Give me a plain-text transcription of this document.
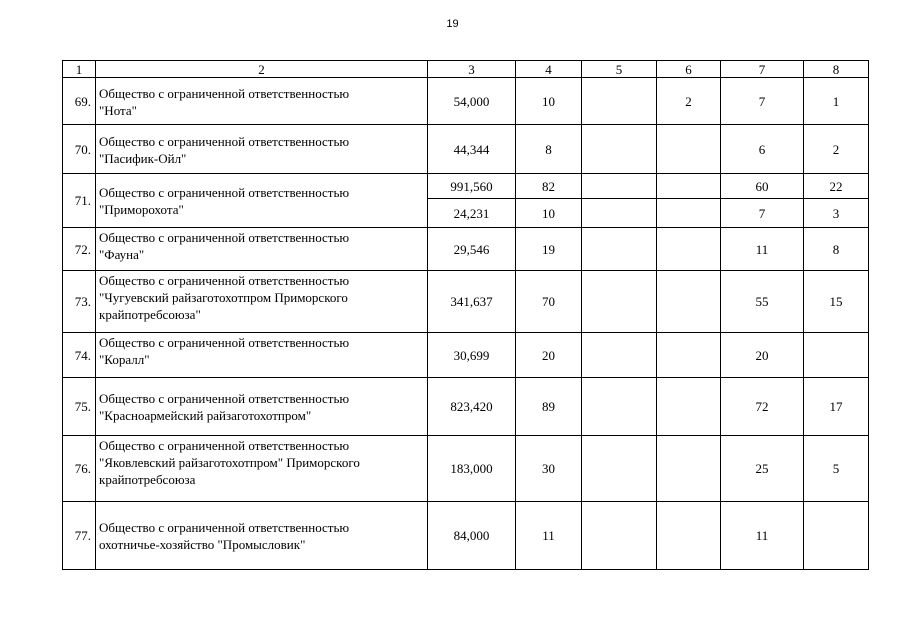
19
1	2	3	4	5	6	7	8
69.	Общество с ограниченной ответственностью
"Нота"	54,000	10		2	7	1
70.	Общество с ограниченной ответственностью
"Пасифик-Ойл"	44,344	8			6	2
71.	Общество с ограниченной ответственностью
"Приморохота"	991,560	82			60	22
		24,231	10			7	3
72.	Общество с ограниченной ответственностью
"Фауна"	29,546	19			11	8
73.	Общество с ограниченной ответственностью
"Чугуевский райзаготохотпром Приморского
крайпотребсоюза"	341,637	70			55	15
74.	Общество с ограниченной ответственностью
"Коралл"	30,699	20			20	
75.	Общество с ограниченной ответственностью
"Красноармейский райзаготохотпром"	823,420	89			72	17
76.	Общество с ограниченной ответственностью
"Яковлевский райзаготохотпром" Приморского
крайпотребсоюза	183,000	30			25	5
77.	Общество с ограниченной ответственностью
охотничье-хозяйство "Промысловик"	84,000	11			11	
